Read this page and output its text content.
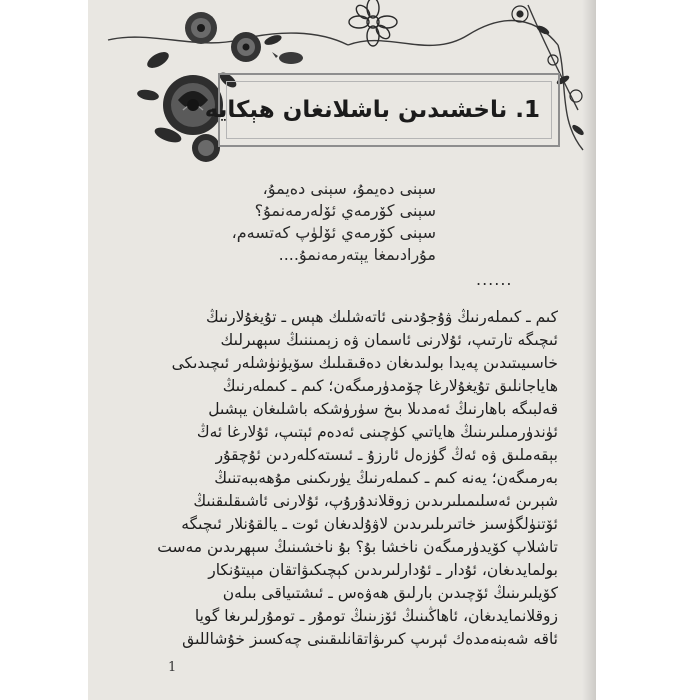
1. ناخشىدىن باشلانغان ھېكايە
سېنى دەيمۇ، سېنى دەيمۇ،
سېنى كۆرمەي ئۆلەرمەنمۇ؟
سېنى كۆرمەي ئۆلۈپ كەتسەم،
مۇرادىمغا يېتەرمەنمۇ....
......
كىم ـ كىملەرنىڭ ۋۇجۇدىنى ئاتەشلىك ھېس ـ تۇيغۇلارنىڭ
ئىچىگە تارتىپ، ئۇلارنى ئاسمان ۋە زېمىننىڭ سېھىرلىك
خاسىيىتىدىن پەيدا بولىدىغان دەقىقىلىك سۆيۈنۈشلەر ئىچىدىكى
ھاياجانلىق تۇيغۇلارغا چۆمدۈرمىگەن؛ كىم ـ كىملەرنىڭ
قەلبىگە باھارنىڭ ئەمدىلا بىخ سۈرۈشكە باشلىغان يېشىل
ئۈندۈرمىلىرىنىڭ ھاياتىي كۈچىنى ئەدەم ئېتىپ، ئۇلارغا ئەڭ
بېقەملىق ۋە ئەڭ گۈزەل ئارزۇ ـ ئىستەكلەردىن ئۇچقۇر
بەرمىگەن؛ يەنە كىم ـ كىملەرنىڭ يۈرىكىنى مۇھەببەتنىڭ
شېرىن ئەسلىمىلىرىدىن زوقلاندۇرۇپ، ئۇلارنى ئاشىقلىقنىڭ
ئۆتنۈلگۈسىز خاتىرىلىرىدىن لاۋۇلدىغان ئوت ـ يالقۇنلار ئىچىگە
تاشلاپ كۆيدۈرمىگەن ناخشا بۇ؟ بۇ ناخشىنىڭ سېھرىدىن مەست
بولمايدىغان، ئۇدار ـ ئۇدارلىرىدىن كېچىكىۋاتقان مېيتۇنكار
كۆيلىرىنىڭ ئۆچىدىن بارلىق ھەۋەس ـ ئىشتىياقى بىلەن
زوقلانمايدىغان، ئاھاڭىنىڭ ئۆزىنىڭ تومۇر ـ تومۇرلىرىغا گويا
ئاقە شەبنەمدەك ئېرىپ كىرىۋاتقانلىقىنى چەكسىز خۇشاللىق
1
